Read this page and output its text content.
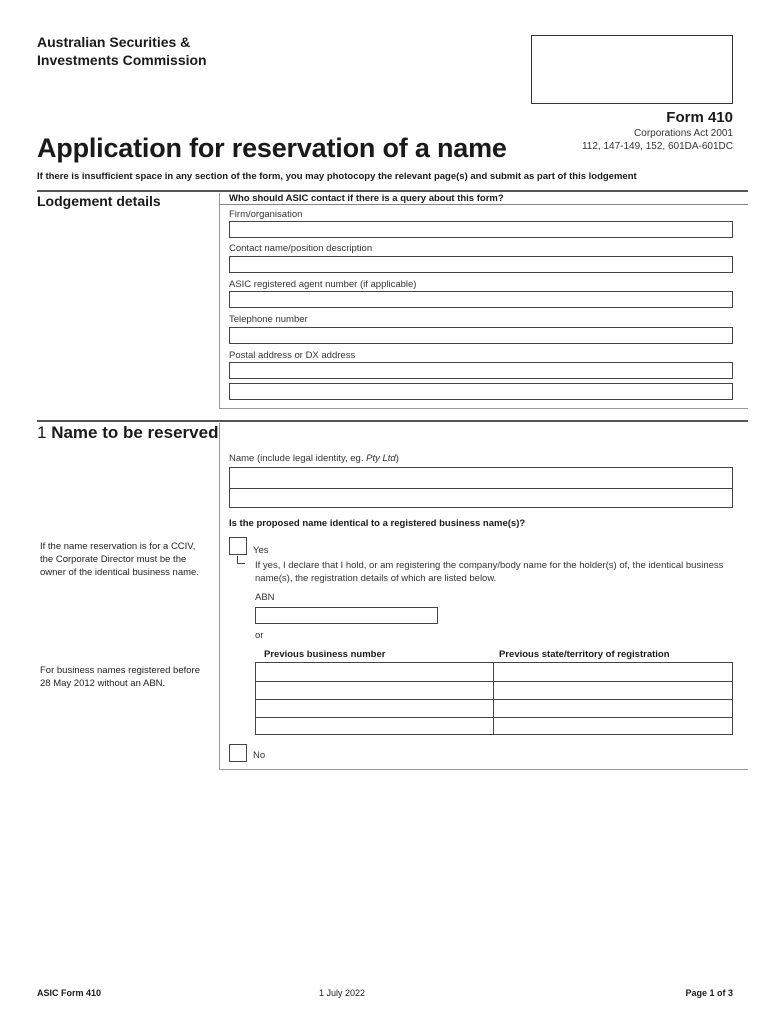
Australian Securities &
Investments Commission
Form 410
Corporations Act 2001
112, 147-149, 152, 601DA-601DC
Application for reservation of a name
If there is insufficient space in any section of the form, you may photocopy the relevant page(s) and submit as part of this lodgement
Lodgement details	Who should ASIC contact if there is a query about this form?
Firm/organisation
Contact name/position description
ASIC registered agent number (if applicable)
Telephone number
Postal address or DX address
1 Name to be reserved
Name (include legal identity, eg. Pty Ltd)
Is the proposed name identical to a registered business name(s)?
If the name reservation is for a CCIV, the Corporate Director must be the owner of the identical business name.
Yes
If yes, I declare that I hold, or am registering the company/body name for the holder(s) of, the identical business name(s), the registration details of which are listed below.
ABN
or
Previous business number	Previous state/territory of registration
For business names registered before 28 May 2012 without an ABN.
No
ASIC Form 410	1 July 2022	Page 1 of 3
